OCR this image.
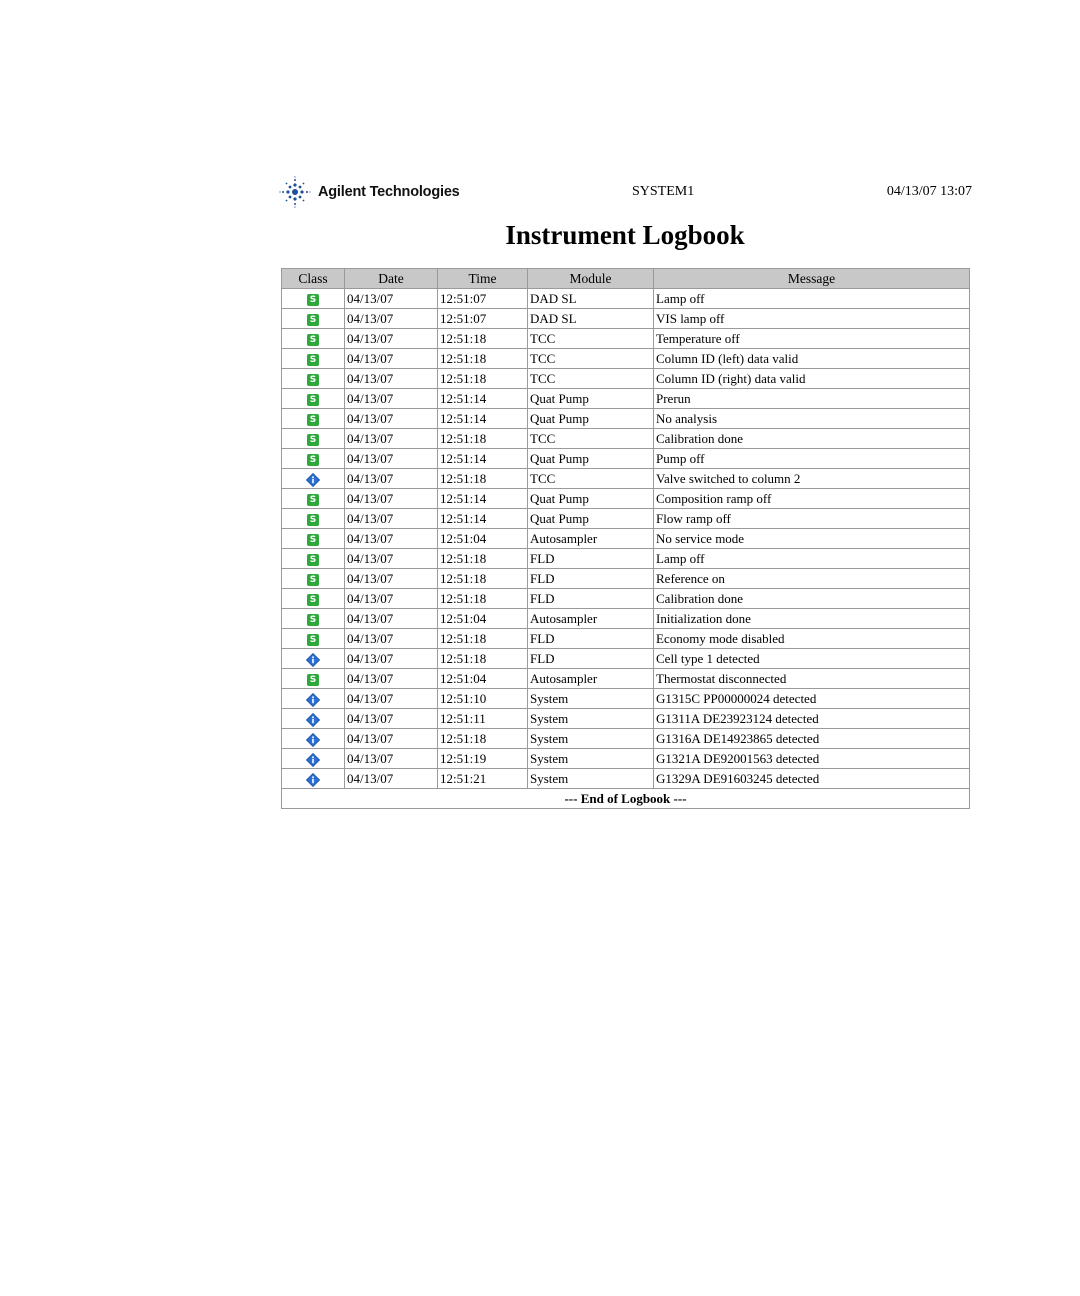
Agilent Technologies	SYSTEM1	04/13/07 13:07
Instrument Logbook
Class	Date	Time	Module	Message
S	04/13/07	12:51:07	DAD SL	Lamp off
S	04/13/07	12:51:07	DAD SL	VIS lamp off
S	04/13/07	12:51:18	TCC	Temperature off
S	04/13/07	12:51:18	TCC	Column ID (left) data valid
S	04/13/07	12:51:18	TCC	Column ID (right) data valid
S	04/13/07	12:51:14	Quat Pump	Prerun
S	04/13/07	12:51:14	Quat Pump	No analysis
S	04/13/07	12:51:18	TCC	Calibration done
S	04/13/07	12:51:14	Quat Pump	Pump off
	04/13/07	12:51:18	TCC	Valve switched to column 2
S	04/13/07	12:51:14	Quat Pump	Composition ramp off
S	04/13/07	12:51:14	Quat Pump	Flow ramp off
S	04/13/07	12:51:04	Autosampler	No service mode
S	04/13/07	12:51:18	FLD	Lamp off
S	04/13/07	12:51:18	FLD	Reference on
S	04/13/07	12:51:18	FLD	Calibration done
S	04/13/07	12:51:04	Autosampler	Initialization done
S	04/13/07	12:51:18	FLD	Economy mode disabled
	04/13/07	12:51:18	FLD	Cell type 1 detected
S	04/13/07	12:51:04	Autosampler	Thermostat disconnected
	04/13/07	12:51:10	System	G1315C PP00000024 detected
	04/13/07	12:51:11	System	G1311A DE23923124 detected
	04/13/07	12:51:18	System	G1316A DE14923865 detected
	04/13/07	12:51:19	System	G1321A DE92001563 detected
	04/13/07	12:51:21	System	G1329A DE91603245 detected
--- End of Logbook ---				
